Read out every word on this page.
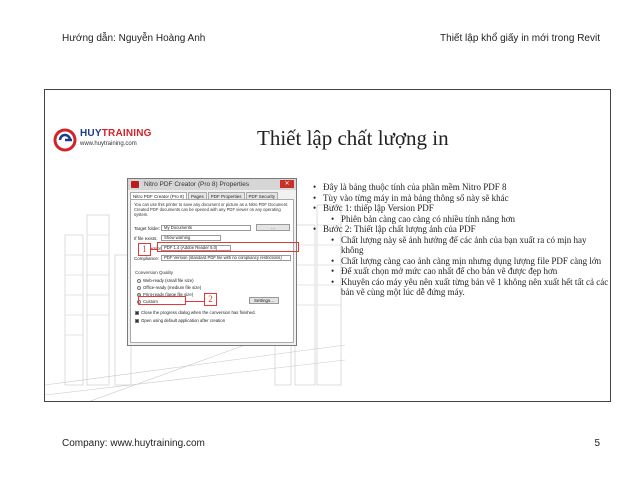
Hướng dẫn: Nguyễn Hoàng Anh	Thiết lập khổ giấy in mới trong Revit
HUYTRAINING
www.huytraining.com	Thiết lập chất lượng in
Nitro PDF Creator (Pro 8) Properties	✕
Nitro PDF Creator (Pro 8)	Pages	PDF Properties	PDF Security
You can use this printer to save any document or picture as a Nitro PDF Document. Created PDF documents can be opened with any PDF viewer on any operating system.
Target folder: My Documents	...
If file exists:	Show warning
PDF 1.4 (Adobe Reader 5.0)
Compliance:	PDF Version (standard PDF file with no compliancy restrictions)
Conversion Quality
Web-ready (small file size)
Office-ready (medium file size)
Print-ready (large file size)
Custom	Settings...
Close the progress dialog when the conversion has finished.
Open using default application after creation
1
2
• Đây là bảng thuộc tính của phần mềm Nitro PDF 8
• Tùy vào từng máy in mà bảng thông số này sẽ khác
• Bước 1: thiếp lập Version PDF
• Phiên bản càng cao càng có nhiều tính năng hơn
• Bước 2: Thiết lập chất lượng ảnh của PDF
• Chất lượng này sẽ ảnh hưởng đế các ảnh của bạn xuất ra có mịn hay không
• Chất lượng càng cao ảnh càng mịn nhưng dụng lượng file PDF càng lớn
• Để xuất chọn mở mức cao nhất để cho bản vẽ được đẹp hơn
• Khuyên cáo máy yêu nên xuất từng bản vẽ 1 không nên xuất hết tất cả các bản vẽ cùng một lúc dễ đứng máy.
Company: www.huytraining.com	5
